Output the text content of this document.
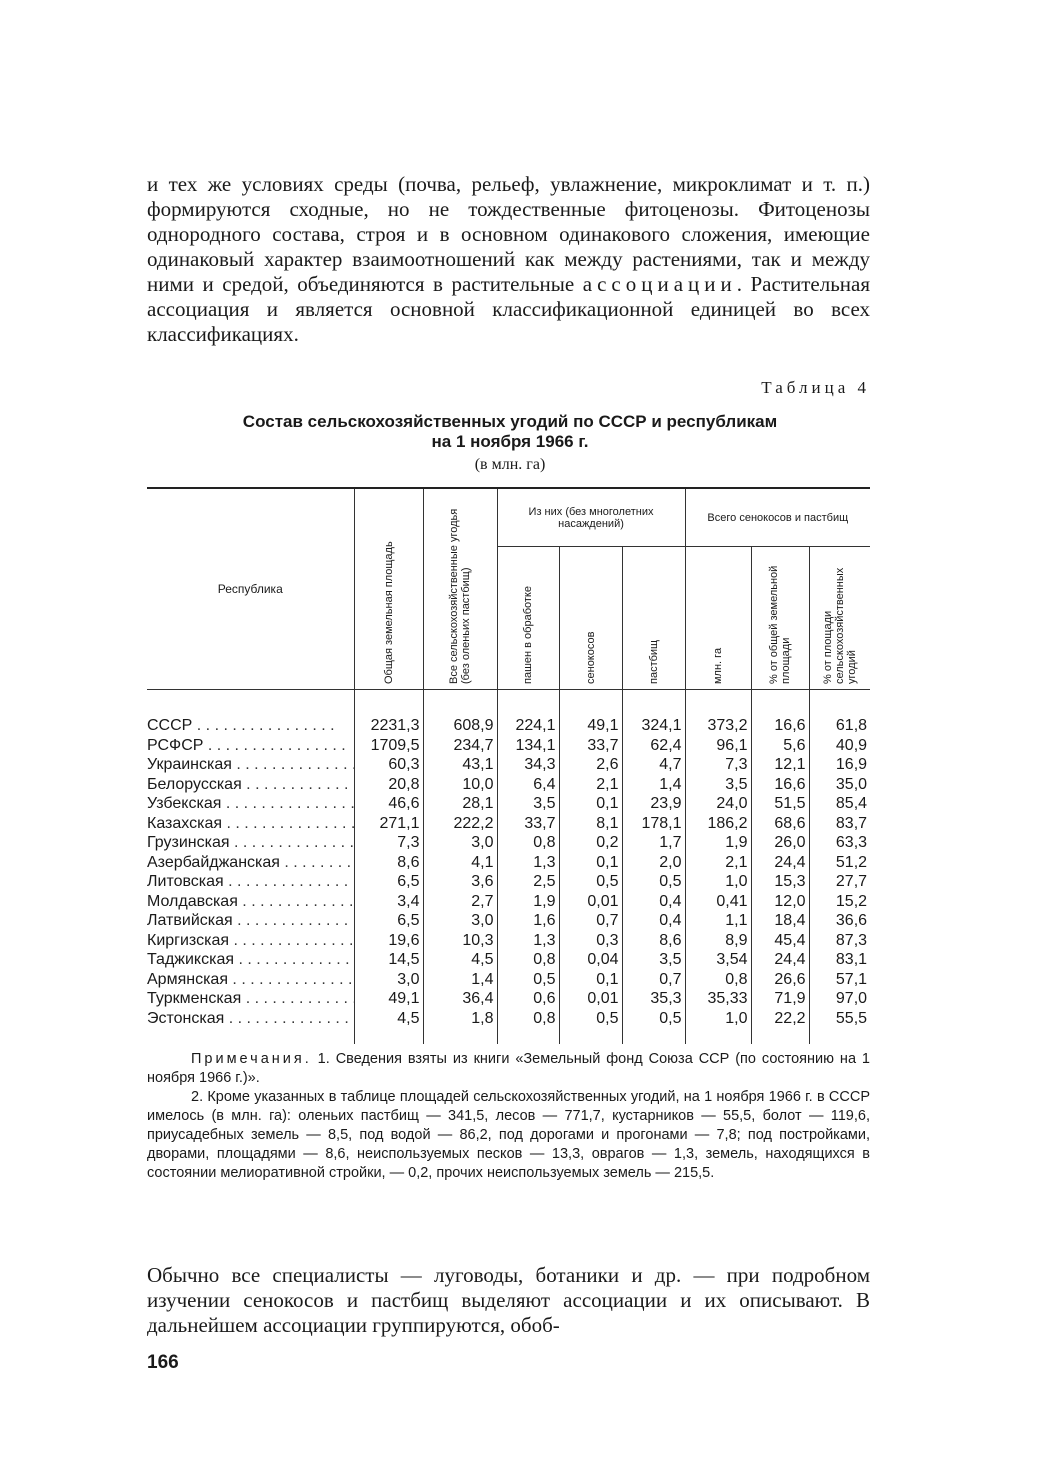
и тех же условиях среды (почва, рельеф, увлажнение, микроклимат и т. п.) формируются сходные, но не тождественные фитоценозы. Фитоценозы однородного состава, строя и в основном одинакового сложения, имеющие одинаковый характер взаимоотношений как между растениями, так и между ними и средой, объединяются в растительные ассоциации. Растительная ассоциация и является основной классификационной единицей во всех классификациях.
Таблица 4
Состав сельскохозяйственных угодий по СССР и республикам
на 1 ноября 1966 г.
(в млн. га)
Республика	Общая земельная площадь	Все сельскохозяйственные угодья (без оленьих пастбищ)	Из них (без многолетних насаждений)			Всего сенокосов и пастбищ		

			пашен в обработке	сенокосов	пастбищ	млн. га	% от общей земельной площади	% от площади сельскохозяйственных угодий

СССР . . .	2231,3	608,9	224,1	49,1	324,1	373,2	16,6	61,8
РСФСР . . .	1709,5	234,7	134,1	33,7	62,4	96,1	5,6	40,9
Украинская . . .	60,3	43,1	34,3	2,6	4,7	7,3	12,1	16,9
Белорусская . . .	20,8	10,0	6,4	2,1	1,4	3,5	16,6	35,0
Узбекская . . .	46,6	28,1	3,5	0,1	23,9	24,0	51,5	85,4
Казахская . . .	271,1	222,2	33,7	8,1	178,1	186,2	68,6	83,7
Грузинская . . .	7,3	3,0	0,8	0,2	1,7	1,9	26,0	63,3
Азербайджанская . . .	8,6	4,1	1,3	0,1	2,0	2,1	24,4	51,2
Литовская . . .	6,5	3,6	2,5	0,5	0,5	1,0	15,3	27,7
Молдавская . . .	3,4	2,7	1,9	0,01	0,4	0,41	12,0	15,2
Латвийская . . .	6,5	3,0	1,6	0,7	0,4	1,1	18,4	36,6
Киргизская . . .	19,6	10,3	1,3	0,3	8,6	8,9	45,4	87,3
Таджикская . . .	14,5	4,5	0,8	0,04	3,5	3,54	24,4	83,1
Армянская . . .	3,0	1,4	0,5	0,1	0,7	0,8	26,6	57,1
Туркменская . . .	49,1	36,4	0,6	0,01	35,3	35,33	71,9	97,0
Эстонская . . .	4,5	1,8	0,8	0,5	0,5	1,0	22,2	55,5

Примечания. 1. Сведения взяты из книги «Земельный фонд Союза ССР (по состоянию на 1 ноября 1966 г.)».

2. Кроме указанных в таблице площадей сельскохозяйственных угодий, на 1 ноября 1966 г. в СССР имелось (в млн. га): оленьих пастбищ — 341,5, лесов — 771,7, кустарников — 55,5, болот — 119,6, приусадебных земель — 8,5, под водой — 86,2, под дорогами и прогонами — 7,8; под постройками, дворами, площадями — 8,6, неиспользуемых песков — 13,3, оврагов — 1,3, земель, находящихся в состоянии мелиоративной стройки, — 0,2, прочих неиспользуемых земель — 215,5.

Обычно все специалисты — луговоды, ботаники и др. — при подробном изучении сенокосов и пастбищ выделяют ассоциации и их описывают. В дальнейшем ассоциации группируются, обоб-
166
